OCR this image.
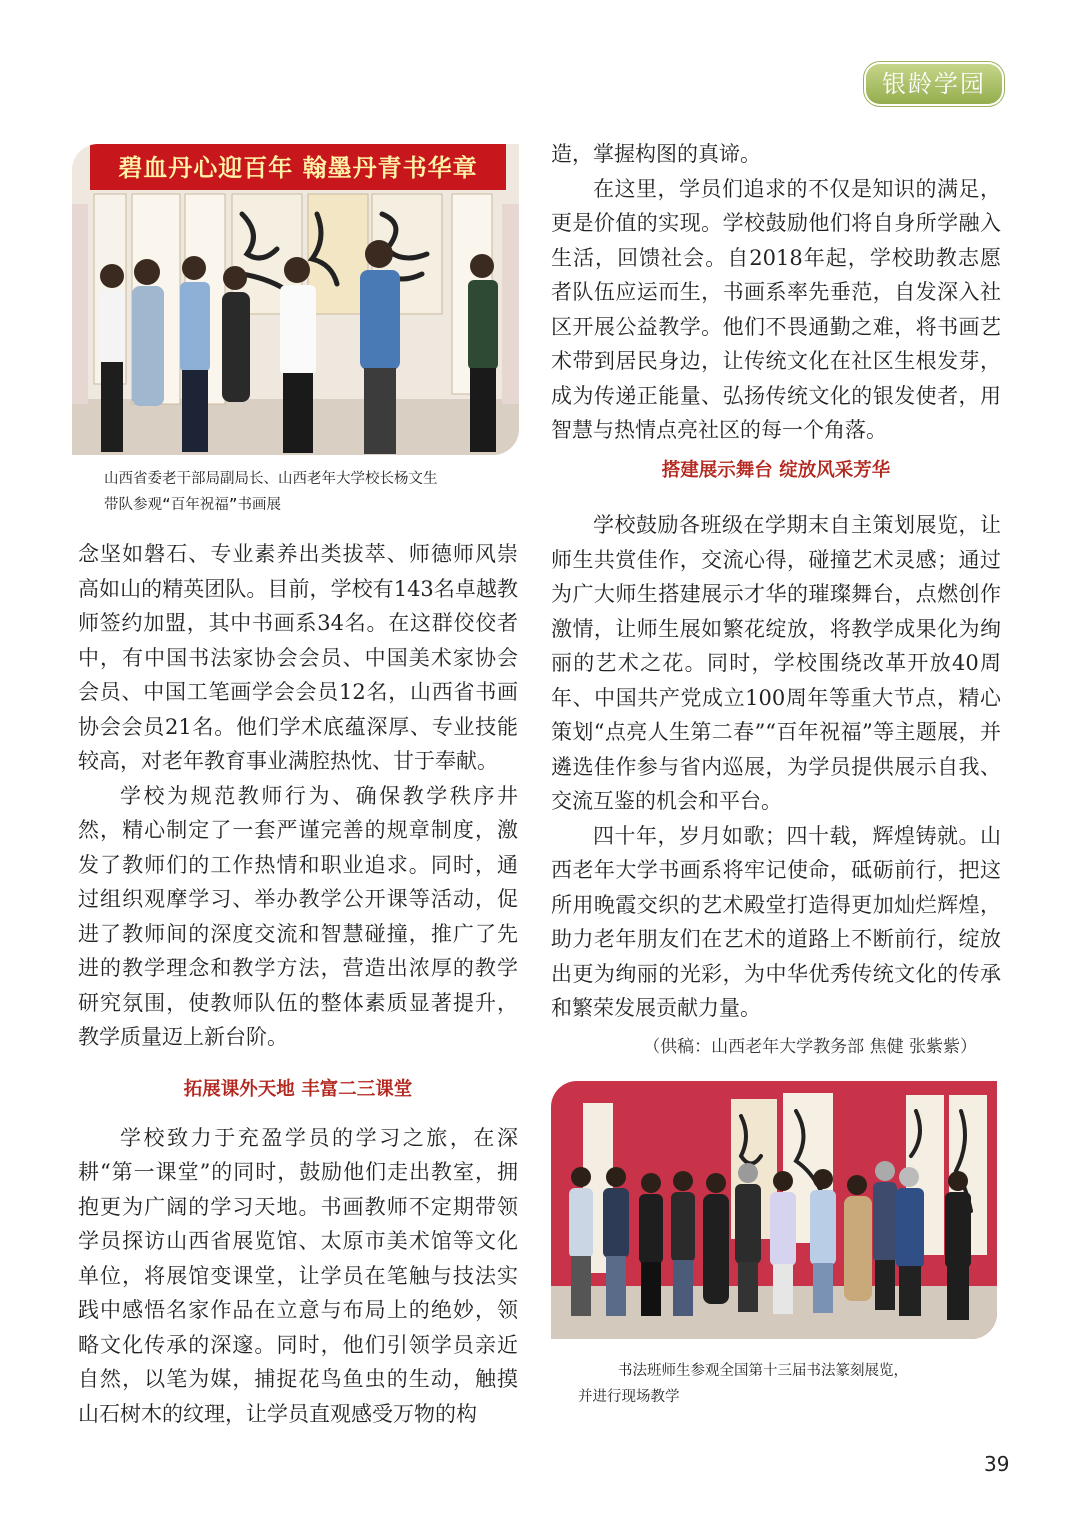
银龄学园
碧血丹心迎百年 翰墨丹青书华章
山西省委老干部局副局长、山西老年大学校长杨文生
带队参观“百年祝福”书画展

念坚如磐石、专业素养出类拔萃、师德师风崇高如山的精英团队。目前，学校有143名卓越教师签约加盟，其中书画系34名。在这群佼佼者中，有中国书法家协会会员、中国美术家协会会员、中国工笔画学会会员12名，山西省书画协会会员21名。他们学术底蕴深厚、专业技能较高，对老年教育事业满腔热忱、甘于奉献。

学校为规范教师行为、确保教学秩序井然，精心制定了一套严谨完善的规章制度，激发了教师们的工作热情和职业追求。同时，通过组织观摩学习、举办教学公开课等活动，促进了教师间的深度交流和智慧碰撞，推广了先进的教学理念和教学方法，营造出浓厚的教学研究氛围，使教师队伍的整体素质显著提升，教学质量迈上新台阶。

拓展课外天地 丰富二三课堂

学校致力于充盈学员的学习之旅，在深耕“第一课堂”的同时，鼓励他们走出教室，拥抱更为广阔的学习天地。书画教师不定期带领学员探访山西省展览馆、太原市美术馆等文化单位，将展馆变课堂，让学员在笔触与技法实践中感悟名家作品在立意与布局上的绝妙，领略文化传承的深邃。同时，他们引领学员亲近自然，以笔为媒，捕捉花鸟鱼虫的生动，触摸山石树木的纹理，让学员直观感受万物的构

造，掌握构图的真谛。

在这里，学员们追求的不仅是知识的满足，更是价值的实现。学校鼓励他们将自身所学融入生活，回馈社会。自2018年起，学校助教志愿者队伍应运而生，书画系率先垂范，自发深入社区开展公益教学。他们不畏通勤之难，将书画艺术带到居民身边，让传统文化在社区生根发芽，成为传递正能量、弘扬传统文化的银发使者，用智慧与热情点亮社区的每一个角落。

搭建展示舞台 绽放风采芳华

学校鼓励各班级在学期末自主策划展览，让师生共赏佳作，交流心得，碰撞艺术灵感；通过为广大师生搭建展示才华的璀璨舞台，点燃创作激情，让师生展如繁花绽放，将教学成果化为绚丽的艺术之花。同时，学校围绕改革开放40周年、中国共产党成立100周年等重大节点，精心策划“点亮人生第二春”“百年祝福”等主题展，并遴选佳作参与省内巡展，为学员提供展示自我、交流互鉴的机会和平台。

四十年，岁月如歌；四十载，辉煌铸就。山西老年大学书画系将牢记使命，砥砺前行，把这所用晚霞交织的艺术殿堂打造得更加灿烂辉煌，助力老年朋友们在艺术的道路上不断前行，绽放出更为绚丽的光彩，为中华优秀传统文化的传承和繁荣发展贡献力量。

（供稿：山西老年大学教务部 焦健 张紫紫）

书法班师生参观全国第十三届书法篆刻展览，
并进行现场教学
39
